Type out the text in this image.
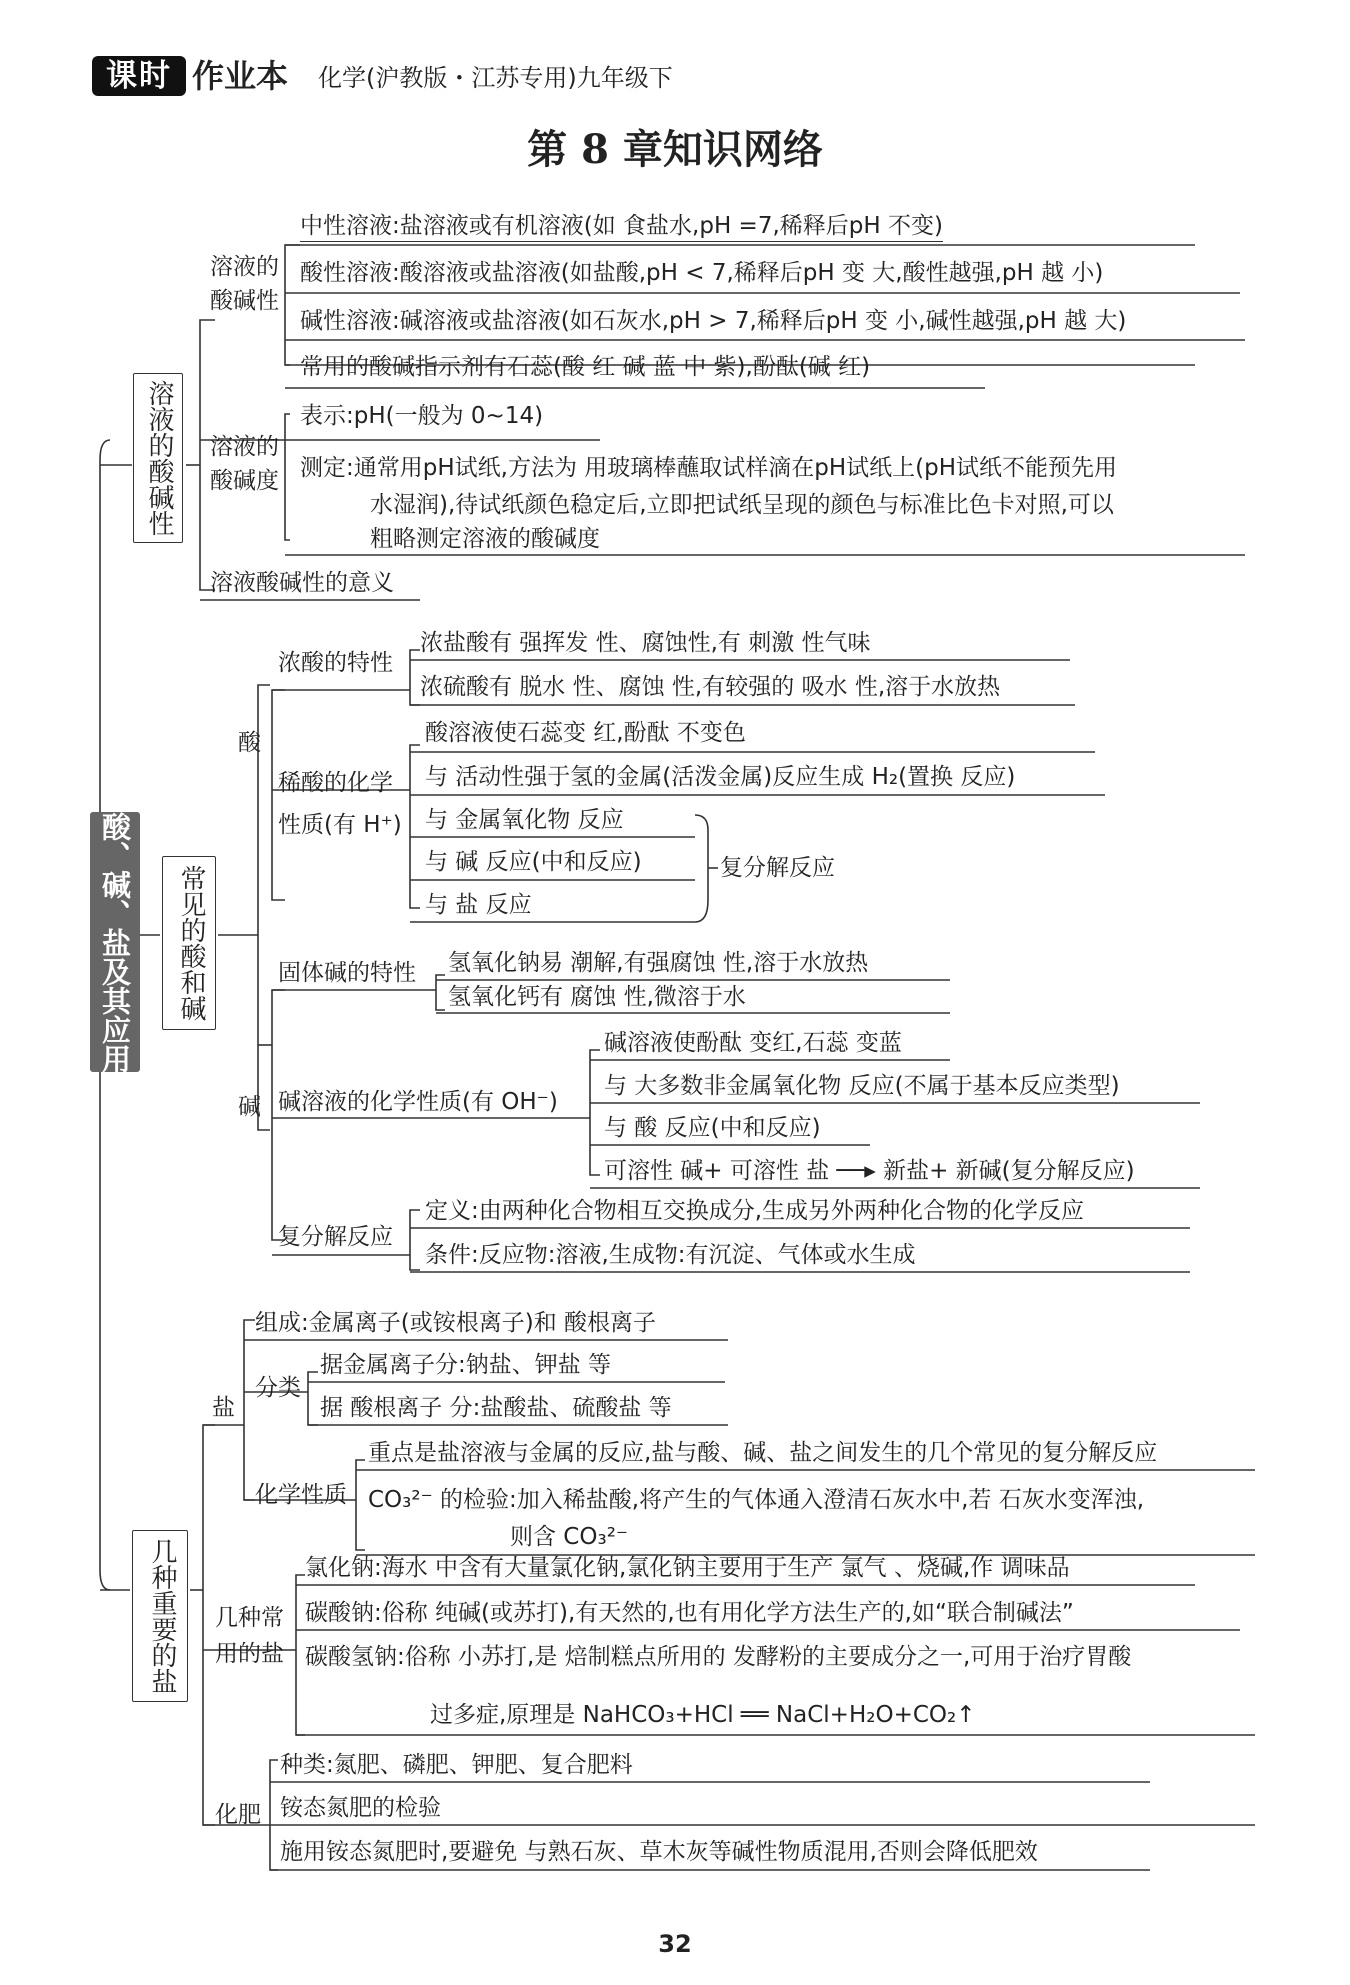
课时 作业本 化学(沪教版・江苏专用)九年级下
第 8 章知识网络
酸、碱、盐及其应用
溶液的酸碱性
溶液的
酸碱性
中性溶液:盐溶液或有机溶液(如 食盐水,pH =7,稀释后pH 不变)
酸性溶液:酸溶液或盐溶液(如盐酸,pH < 7,稀释后pH 变 大,酸性越强,pH 越 小)
碱性溶液:碱溶液或盐溶液(如石灰水,pH > 7,稀释后pH 变 小,碱性越强,pH 越 大)
常用的酸碱指示剂有石蕊(酸 红 碱 蓝 中 紫),酚酞(碱 红)
溶液的
酸碱度
表示:pH(一般为 0~14)
测定:通常用pH试纸,方法为 用玻璃棒蘸取试样滴在pH试纸上(pH试纸不能预先用
水湿润),待试纸颜色稳定后,立即把试纸呈现的颜色与标准比色卡对照,可以
粗略测定溶液的酸碱度
溶液酸碱性的意义
常见的酸和碱
酸
浓酸的特性
浓盐酸有 强挥发 性、腐蚀性,有 刺激 性气味
浓硫酸有 脱水 性、腐蚀 性,有较强的 吸水 性,溶于水放热
稀酸的化学
性质(有 H⁺)
酸溶液使石蕊变 红,酚酞 不变色
与 活动性强于氢的金属(活泼金属)反应生成 H₂(置换 反应)
与 金属氧化物 反应
与 碱 反应(中和反应)
与 盐 反应
复分解反应
碱
固体碱的特性 氢氧化钠易 潮解,有强腐蚀 性,溶于水放热
氢氧化钙有 腐蚀 性,微溶于水
碱溶液的化学性质(有 OH⁻)
碱溶液使酚酞 变红,石蕊 变蓝
与 大多数非金属氧化物 反应(不属于基本反应类型)
与 酸 反应(中和反应)
可溶性 碱+ 可溶性 盐 ──▸ 新盐+ 新碱(复分解反应)
复分解反应
定义:由两种化合物相互交换成分,生成另外两种化合物的化学反应
条件:反应物:溶液,生成物:有沉淀、气体或水生成
几种重要的盐
盐
组成:金属离子(或铵根离子)和 酸根离子
分类
据金属离子分:钠盐、钾盐 等
据 酸根离子 分:盐酸盐、硫酸盐 等
化学性质
重点是盐溶液与金属的反应,盐与酸、碱、盐之间发生的几个常见的复分解反应
CO₃²⁻ 的检验:加入稀盐酸,将产生的气体通入澄清石灰水中,若 石灰水变浑浊,
则含 CO₃²⁻
几种常
用的盐
氯化钠:海水 中含有大量氯化钠,氯化钠主要用于生产 氯气 、烧碱,作 调味品
碳酸钠:俗称 纯碱(或苏打),有天然的,也有用化学方法生产的,如“联合制碱法”
碳酸氢钠:俗称 小苏打,是 焙制糕点所用的 发酵粉的主要成分之一,可用于治疗胃酸
过多症,原理是 NaHCO₃+HCl ══ NaCl+H₂O+CO₂↑
化肥
种类:氮肥、磷肥、钾肥、复合肥料
铵态氮肥的检验
施用铵态氮肥时,要避免 与熟石灰、草木灰等碱性物质混用,否则会降低肥效
32
